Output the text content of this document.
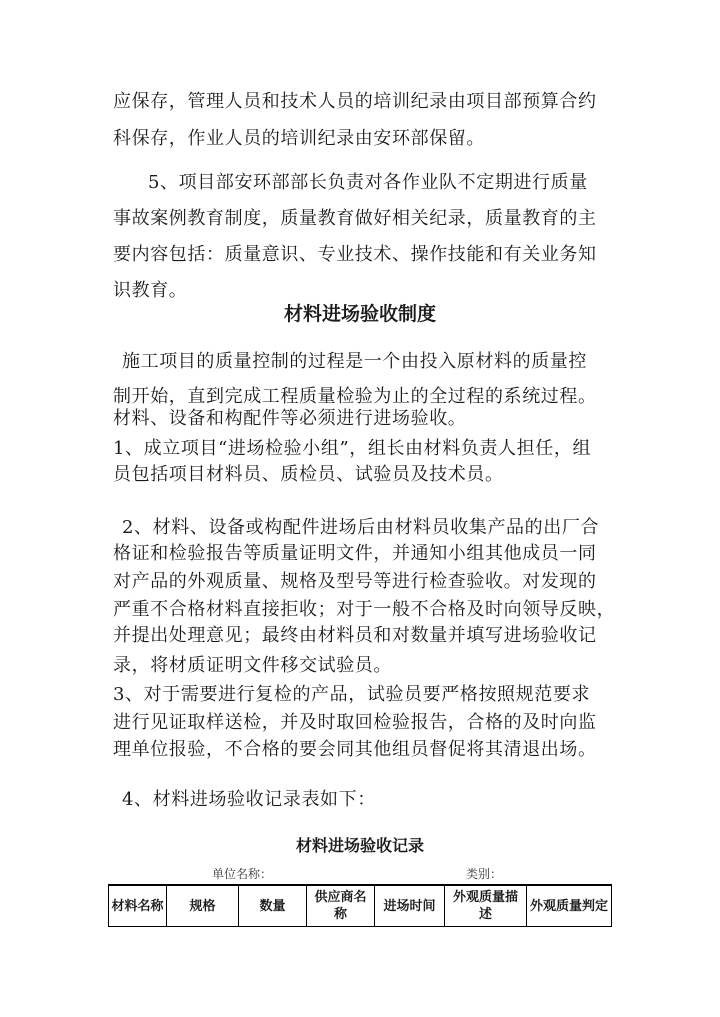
应保存，管理人员和技术人员的培训纪录由项目部预算合约
科保存，作业人员的培训纪录由安环部保留。
5、项目部安环部部长负责对各作业队不定期进行质量
事故案例教育制度，质量教育做好相关纪录，质量教育的主
要内容包括：质量意识、专业技术、操作技能和有关业务知
识教育。
材料进场验收制度
施工项目的质量控制的过程是一个由投入原材料的质量控
制开始，直到完成工程质量检验为止的全过程的系统过程。
材料、设备和构配件等必须进行进场验收。
1、成立项目“进场检验小组”，组长由材料负责人担任，组
员包括项目材料员、质检员、试验员及技术员。
2、材料、设备或构配件进场后由材料员收集产品的出厂合
格证和检验报告等质量证明文件，并通知小组其他成员一同
对产品的外观质量、规格及型号等进行检查验收。对发现的
严重不合格材料直接拒收；对于一般不合格及时向领导反映，
并提出处理意见；最终由材料员和对数量并填写进场验收记
录，将材质证明文件移交试验员。
3、对于需要进行复检的产品，试验员要严格按照规范要求
进行见证取样送检，并及时取回检验报告，合格的及时向监
理单位报验，不合格的要会同其他组员督促将其清退出场。
4、材料进场验收记录表如下：
材料进场验收记录
单位名称：	类别：
材料名称	规格	数量	供应商名称	进场时间	外观质量描述	外观质量判定
